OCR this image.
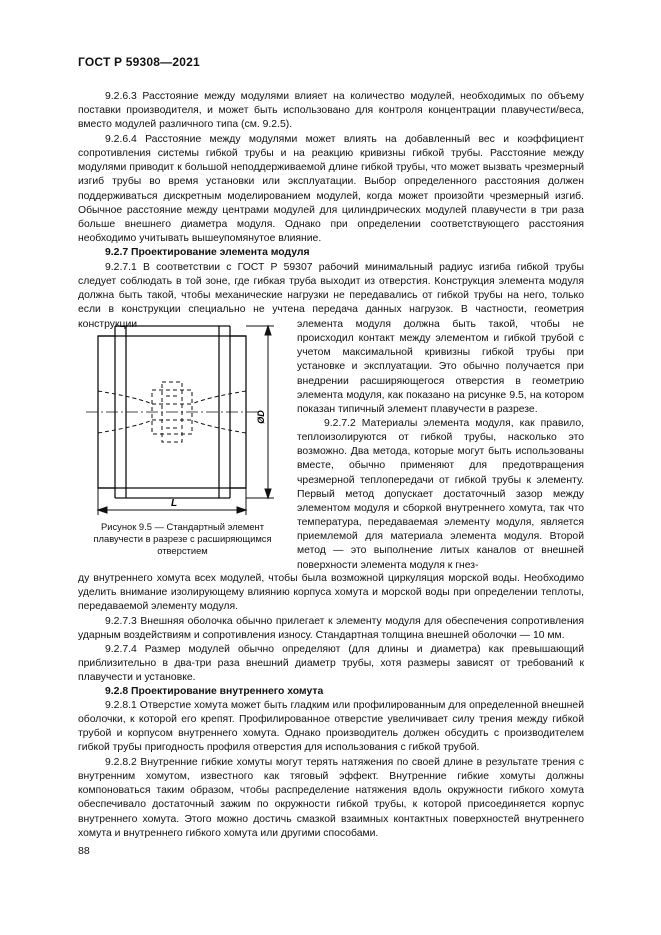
ГОСТ Р 59308—2021

9.2.6.3 Расстояние между модулями влияет на количество модулей, необходимых по объему поставки производителя, и может быть использовано для контроля концентрации плавучести/веса, вместо модулей различного типа (см. 9.2.5).

9.2.6.4 Расстояние между модулями может влиять на добавленный вес и коэффициент сопротивления системы гибкой трубы и на реакцию кривизны гибкой трубы. Расстояние между модулями приводит к большой неподдерживаемой длине гибкой трубы, что может вызвать чрезмерный изгиб трубы во время установки или эксплуатации. Выбор определенного расстояния должен поддерживаться дискретным моделированием модулей, когда может произойти чрезмерный изгиб. Обычное расстояние между центрами модулей для цилиндрических модулей плавучести в три раза больше внешнего диаметра модуля. Однако при определении соответствующего расстояния необходимо учитывать вышеупомянутое влияние.

9.2.7 Проектирование элемента модуля

9.2.7.1 В соответствии с ГОСТ Р 59307 рабочий минимальный радиус изгиба гибкой трубы следует соблюдать в той зоне, где гибкая труба выходит из отверстия. Конструкция элемента модуля должна быть такой, чтобы механические нагрузки не передавались от гибкой трубы на него, только если в конструкции специально не учтена передача данных нагрузок. В частности, геометрия конструкции

ØD
L
Рисунок 9.5 — Стандартный элемент плавучести в разрезе с расширяющимся отверстием

элемента модуля должна быть такой, чтобы не происходил контакт между элементом и гибкой трубой с учетом максимальной кривизны гибкой трубы при установке и эксплуатации. Это обычно получается при внедрении расширяющегося отверстия в геометрию элемента модуля, как показано на рисунке 9.5, на котором показан типичный элемент плавучести в разрезе.

9.2.7.2 Материалы элемента модуля, как правило, теплоизолируются от гибкой трубы, насколько это возможно. Два метода, которые могут быть использованы вместе, обычно применяют для предотвращения чрезмерной теплопередачи от гибкой трубы к элементу. Первый метод допускает достаточный зазор между элементом модуля и сборкой внутреннего хомута, так что температура, передаваемая элементу модуля, является приемлемой для материала элемента модуля. Второй метод — это выполнение литых каналов от внешней поверхности элемента модуля к гнез-

ду внутреннего хомута всех модулей, чтобы была возможной циркуляция морской воды. Необходимо уделить внимание изолирующему влиянию корпуса хомута и морской воды при определении теплоты, передаваемой элементу модуля.

9.2.7.3 Внешняя оболочка обычно прилегает к элементу модуля для обеспечения сопротивления ударным воздействиям и сопротивления износу. Стандартная толщина внешней оболочки — 10 мм.

9.2.7.4 Размер модулей обычно определяют (для длины и диаметра) как превышающий приблизительно в два-три раза внешний диаметр трубы, хотя размеры зависят от требований к плавучести и установке.

9.2.8 Проектирование внутреннего хомута

9.2.8.1 Отверстие хомута может быть гладким или профилированным для определенной внешней оболочки, к которой его крепят. Профилированное отверстие увеличивает силу трения между гибкой трубой и корпусом внутреннего хомута. Однако производитель должен обсудить с производителем гибкой трубы пригодность профиля отверстия для использования с гибкой трубой.

9.2.8.2 Внутренние гибкие хомуты могут терять натяжения по своей длине в результате трения с внутренним хомутом, известного как тяговый эффект. Внутренние гибкие хомуты должны компоноваться таким образом, чтобы распределение натяжения вдоль окружности гибкого хомута обеспечивало достаточный зажим по окружности гибкой трубы, к которой присоединяется корпус внутреннего хомута. Этого можно достичь смазкой взаимных контактных поверхностей внутреннего хомута и внутреннего гибкого хомута или другими способами.

88
